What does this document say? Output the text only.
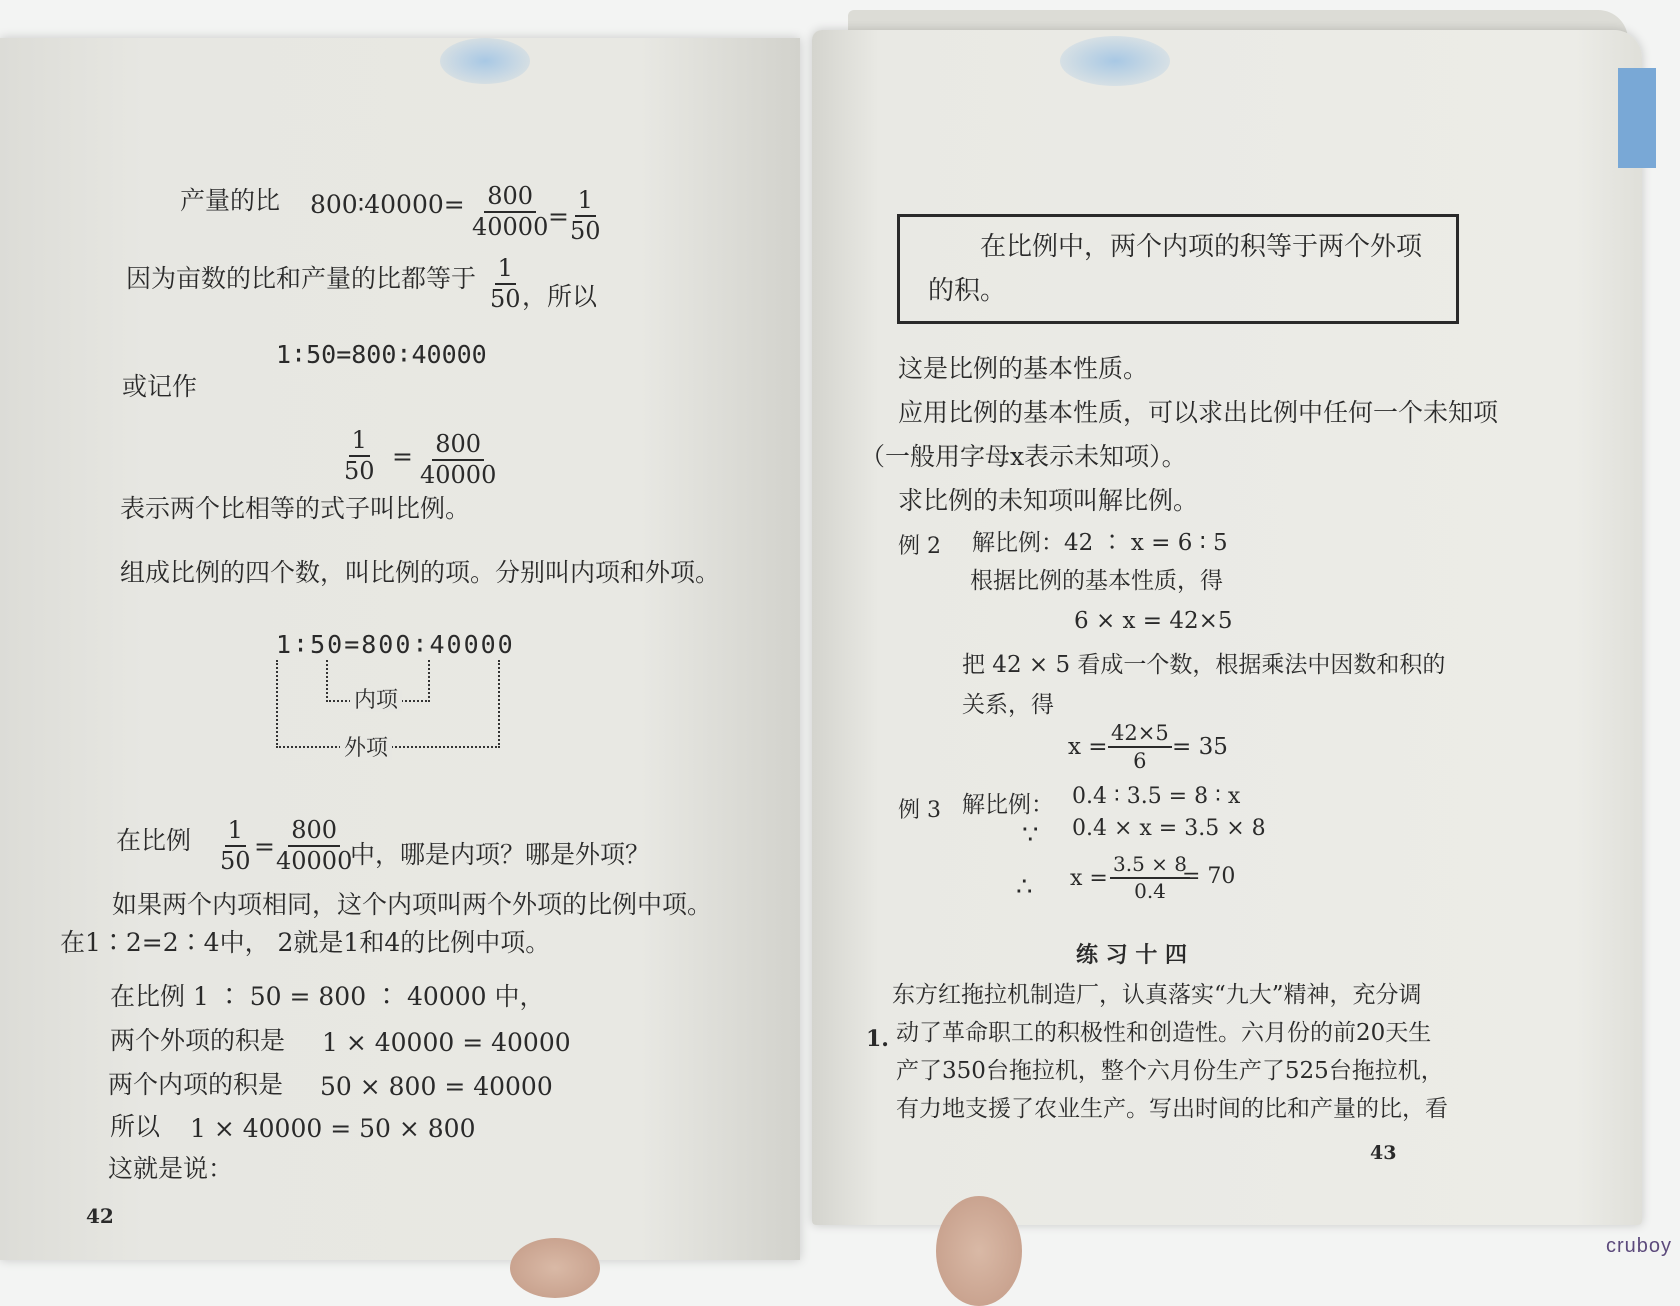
产量的比 800∶40000= $\frac{800}{40000} = \frac{1}{50}$
因为亩数的比和产量的比都等于 $\frac{1}{50}$ ，所以
1∶50=800∶40000
或记作
$\frac{1}{50} = \frac{800}{40000}$
表示两个比相等的式子叫比例。
组成比例的四个数，叫比例的项。分别叫内项和外项。
1∶50=800∶40000
内项
外项
在比例 $\frac{1}{50} = \frac{800}{40000}$
中，哪是内项？哪是外项？
如果两个内项相同，这个内项叫两个外项的比例中项。
在1∶2=2∶4中， 2就是1和4的比例中项。
在比例 1 ∶ 50 = 800 ∶ 40000 中，
两个外项的积是 1 × 40000 = 40000
两个内项的积是 50 × 800 = 40000
所以 1 × 40000 = 50 × 800
这就是说：
42
在比例中，两个内项的积等于两个外项
的积。
这是比例的基本性质。
应用比例的基本性质，可以求出比例中任何一个未知项
（一般用字母x表示未知项）。
求比例的未知项叫解比例。
例 2 解比例：42 ∶ x = 6 ∶ 5
根据比例的基本性质，得
6 × x = 42×5
把 42 × 5 看成一个数，根据乘法中因数和积的
关系，得
$x = \frac{42\times 5}{6} = 35$
例 3 解比例： 0.4 ∶ 3.5 = 8 ∶ x
∵ 0.4 × x = 3.5 × 8
∴ $x = \frac{3.5 \times 8}{0.4}$
= 70
练 习 十 四
1.
东方红拖拉机制造厂，认真落实“九大”精神，充分调
动了革命职工的积极性和创造性。六月份的前20天生
产了350台拖拉机，整个六月份生产了525台拖拉机，
有力地支援了农业生产。写出时间的比和产量的比，看
43
cruboy
